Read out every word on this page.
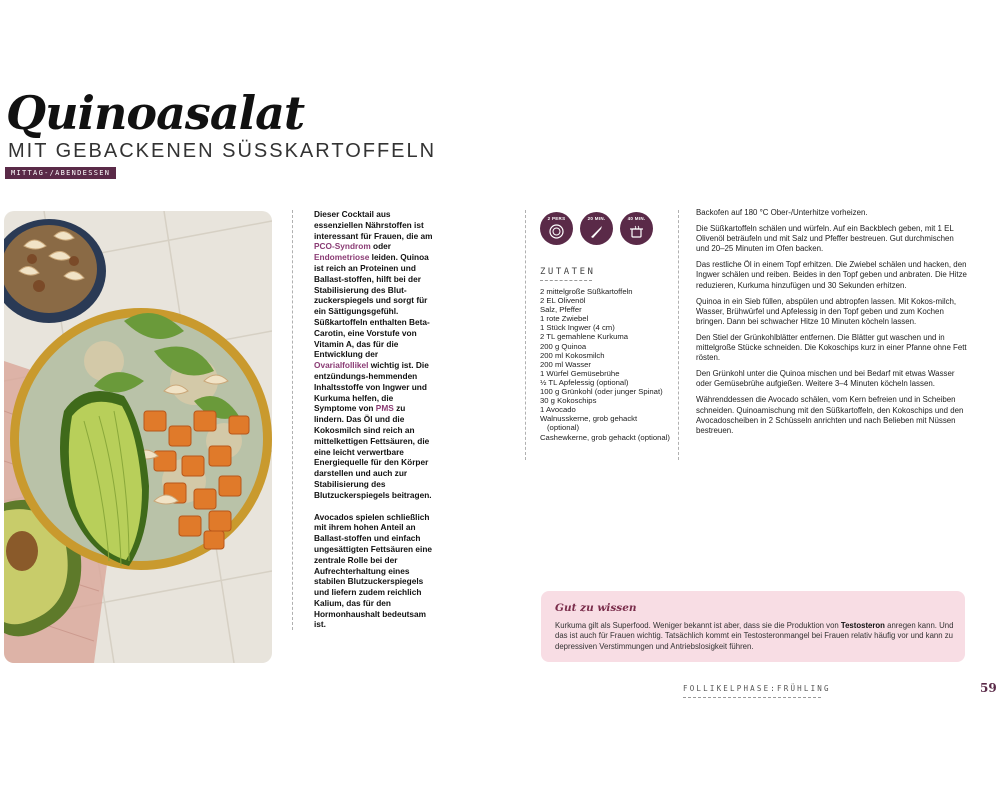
Quinoasalat
MIT GEBACKENEN SÜSSKARTOFFELN
MITTAG-/ABENDESSEN

Dieser Cocktail aus essenziellen Nährstoffen ist interessant für Frauen, die am PCO-Syndrom oder Endometriose leiden. Quinoa ist reich an Proteinen und Ballast-stoffen, hilft bei der Stabilisierung des Blut-zuckerspiegels und sorgt für ein Sättigungsgefühl. Süßkartoffeln enthalten Beta-Carotin, eine Vorstufe von Vitamin A, das für die Entwicklung der Ovarialfollikel wichtig ist. Die entzündungs-hemmenden Inhaltsstoffe von Ingwer und Kurkuma helfen, die Symptome von PMS zu lindern. Das Öl und die Kokosmilch sind reich an mittelkettigen Fettsäuren, die eine leicht verwertbare Energiequelle für den Körper darstellen und auch zur Stabilisierung des Blutzuckerspiegels beitragen.

Avocados spielen schließlich mit ihrem hohen Anteil an Ballast-stoffen und einfach ungesättigten Fettsäuren eine zentrale Rolle bei der Aufrechterhaltung eines stabilen Blutzuckerspiegels und liefern zudem reichlich Kalium, das für den Hormonhaushalt bedeutsam ist.

2 PERS	20 MIN.	40 MIN.
ZUTATEN
2 mittelgroße Süßkartoffeln
2 EL Olivenöl
Salz, Pfeffer
1 rote Zwiebel
1 Stück Ingwer (4 cm)
2 TL gemahlene Kurkuma
200 g Quinoa
200 ml Kokosmilch
200 ml Wasser
1 Würfel Gemüsebrühe
½ TL Apfelessig (optional)
100 g Grünkohl (oder junger Spinat)
30 g Kokoschips
1 Avocado
Walnusskerne, grob gehackt (optional)
Cashewkerne, grob gehackt (optional)

Backofen auf 180 °C Ober-/Unterhitze vorheizen.

Die Süßkartoffeln schälen und würfeln. Auf ein Backblech geben, mit 1 EL Olivenöl beträufeln und mit Salz und Pfeffer bestreuen. Gut durchmischen und 20–25 Minuten im Ofen backen.

Das restliche Öl in einem Topf erhitzen. Die Zwiebel schälen und hacken, den Ingwer schälen und reiben. Beides in den Topf geben und anbraten. Die Hitze reduzieren, Kurkuma hinzufügen und 30 Sekunden erhitzen.

Quinoa in ein Sieb füllen, abspülen und abtropfen lassen. Mit Kokos-milch, Wasser, Brühwürfel und Apfelessig in den Topf geben und zum Kochen bringen. Dann bei schwacher Hitze 10 Minuten köcheln lassen.

Den Stiel der Grünkohlblätter entfernen. Die Blätter gut waschen und in mittelgroße Stücke schneiden. Die Kokoschips kurz in einer Pfanne ohne Fett rösten.

Den Grünkohl unter die Quinoa mischen und bei Bedarf mit etwas Wasser oder Gemüsebrühe aufgießen. Weitere 3–4 Minuten köcheln lassen.

Währenddessen die Avocado schälen, vom Kern befreien und in Scheiben schneiden. Quinoamischung mit den Süßkartoffeln, den Kokoschips und den Avocadoscheiben in 2 Schüsseln anrichten und nach Belieben mit Nüssen bestreuen.

Gut zu wissen
Kurkuma gilt als Superfood. Weniger bekannt ist aber, dass sie die Produktion von Testosteron anregen kann. Und das ist auch für Frauen wichtig. Tatsächlich kommt ein Testosteronmangel bei Frauen relativ häufig vor und kann zu depressiven Verstimmungen und Antriebslosigkeit führen.
FOLLIKELPHASE:FRÜHLING	59
